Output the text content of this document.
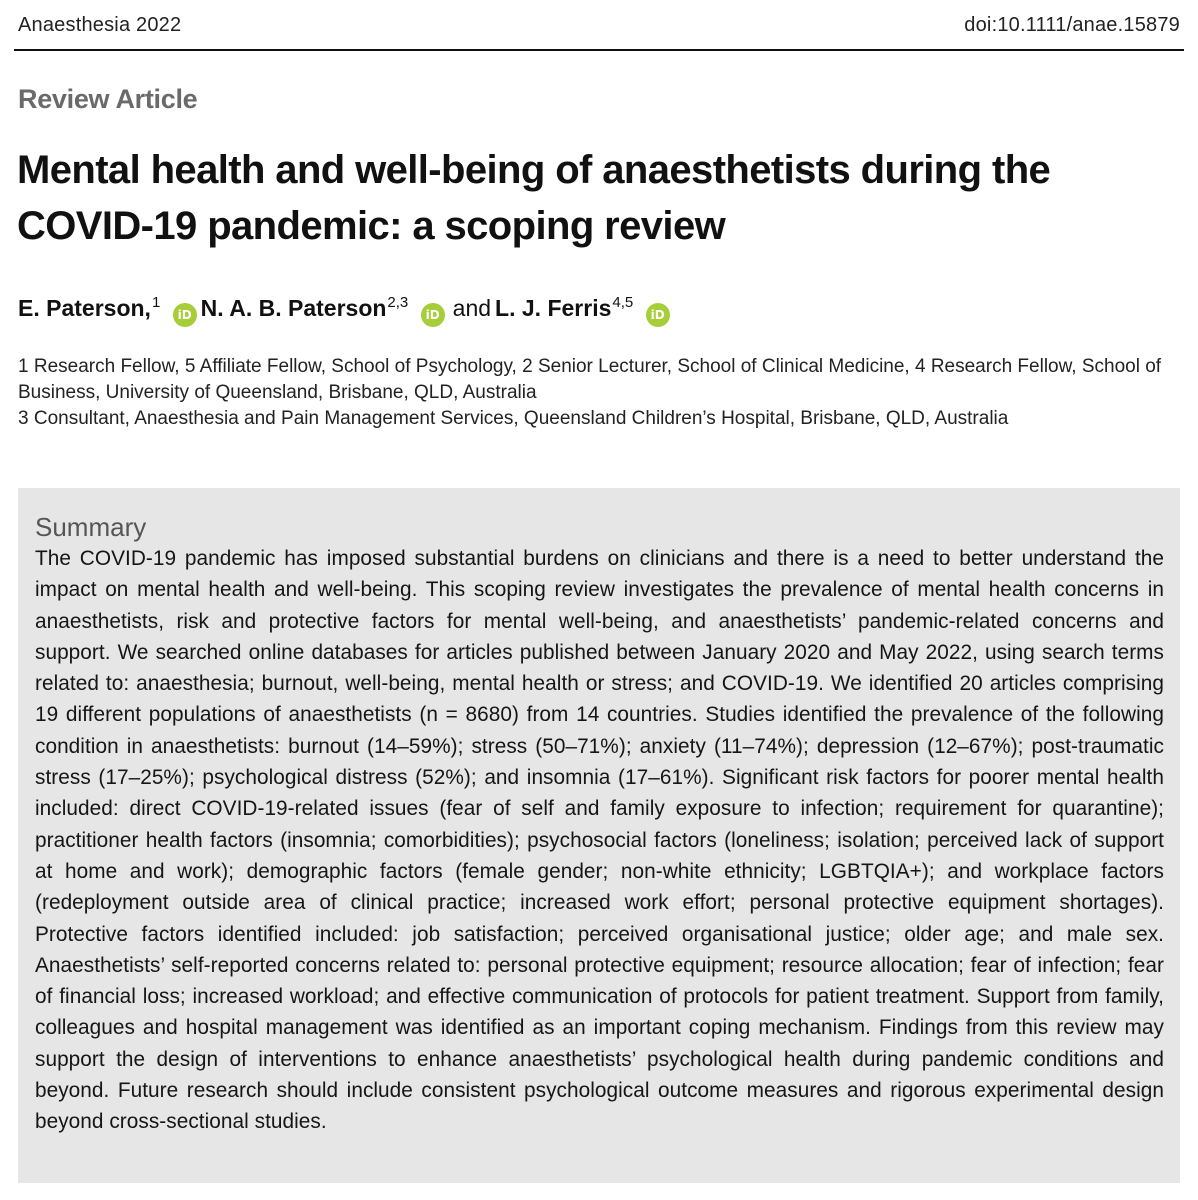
Anaesthesia 2022	doi:10.1111/anae.15879
Review Article
Mental health and well-being of anaesthetists during the COVID-19 pandemic: a scoping review
E. Paterson,$^1$ iD N. A. B. Paterson$^{2,3}$ iD and L. J. Ferris$^{4,5}$ iD
1 Research Fellow, 5 Affiliate Fellow, School of Psychology, 2 Senior Lecturer, School of Clinical Medicine, 4 Research Fellow, School of Business, University of Queensland, Brisbane, QLD, Australia
3 Consultant, Anaesthesia and Pain Management Services, Queensland Children’s Hospital, Brisbane, QLD, Australia
Summary

The COVID-19 pandemic has imposed substantial burdens on clinicians and there is a need to better understand the impact on mental health and well-being. This scoping review investigates the prevalence of mental health concerns in anaesthetists, risk and protective factors for mental well-being, and anaesthetists’ pandemic-related concerns and support. We searched online databases for articles published between January 2020 and May 2022, using search terms related to: anaesthesia; burnout, well-being, mental health or stress; and COVID-19. We identified 20 articles comprising 19 different populations of anaesthetists (n = 8680) from 14 countries. Studies identified the prevalence of the following condition in anaesthetists: burnout (14–59%); stress (50–71%); anxiety (11–74%); depression (12–67%); post-traumatic stress (17–25%); psychological distress (52%); and insomnia (17–61%). Significant risk factors for poorer mental health included: direct COVID-19-related issues (fear of self and family exposure to infection; requirement for quarantine); practitioner health factors (insomnia; comorbidities); psychosocial factors (loneliness; isolation; perceived lack of support at home and work); demographic factors (female gender; non-white ethnicity; LGBTQIA+); and workplace factors (redeployment outside area of clinical practice; increased work effort; personal protective equipment shortages). Protective factors identified included: job satisfaction; perceived organisational justice; older age; and male sex. Anaesthetists’ self-reported concerns related to: personal protective equipment; resource allocation; fear of infection; fear of financial loss; increased workload; and effective communication of protocols for patient treatment. Support from family, colleagues and hospital management was identified as an important coping mechanism. Findings from this review may support the design of interventions to enhance anaesthetists’ psychological health during pandemic conditions and beyond. Future research should include consistent psychological outcome measures and rigorous experimental design beyond cross-sectional studies.
